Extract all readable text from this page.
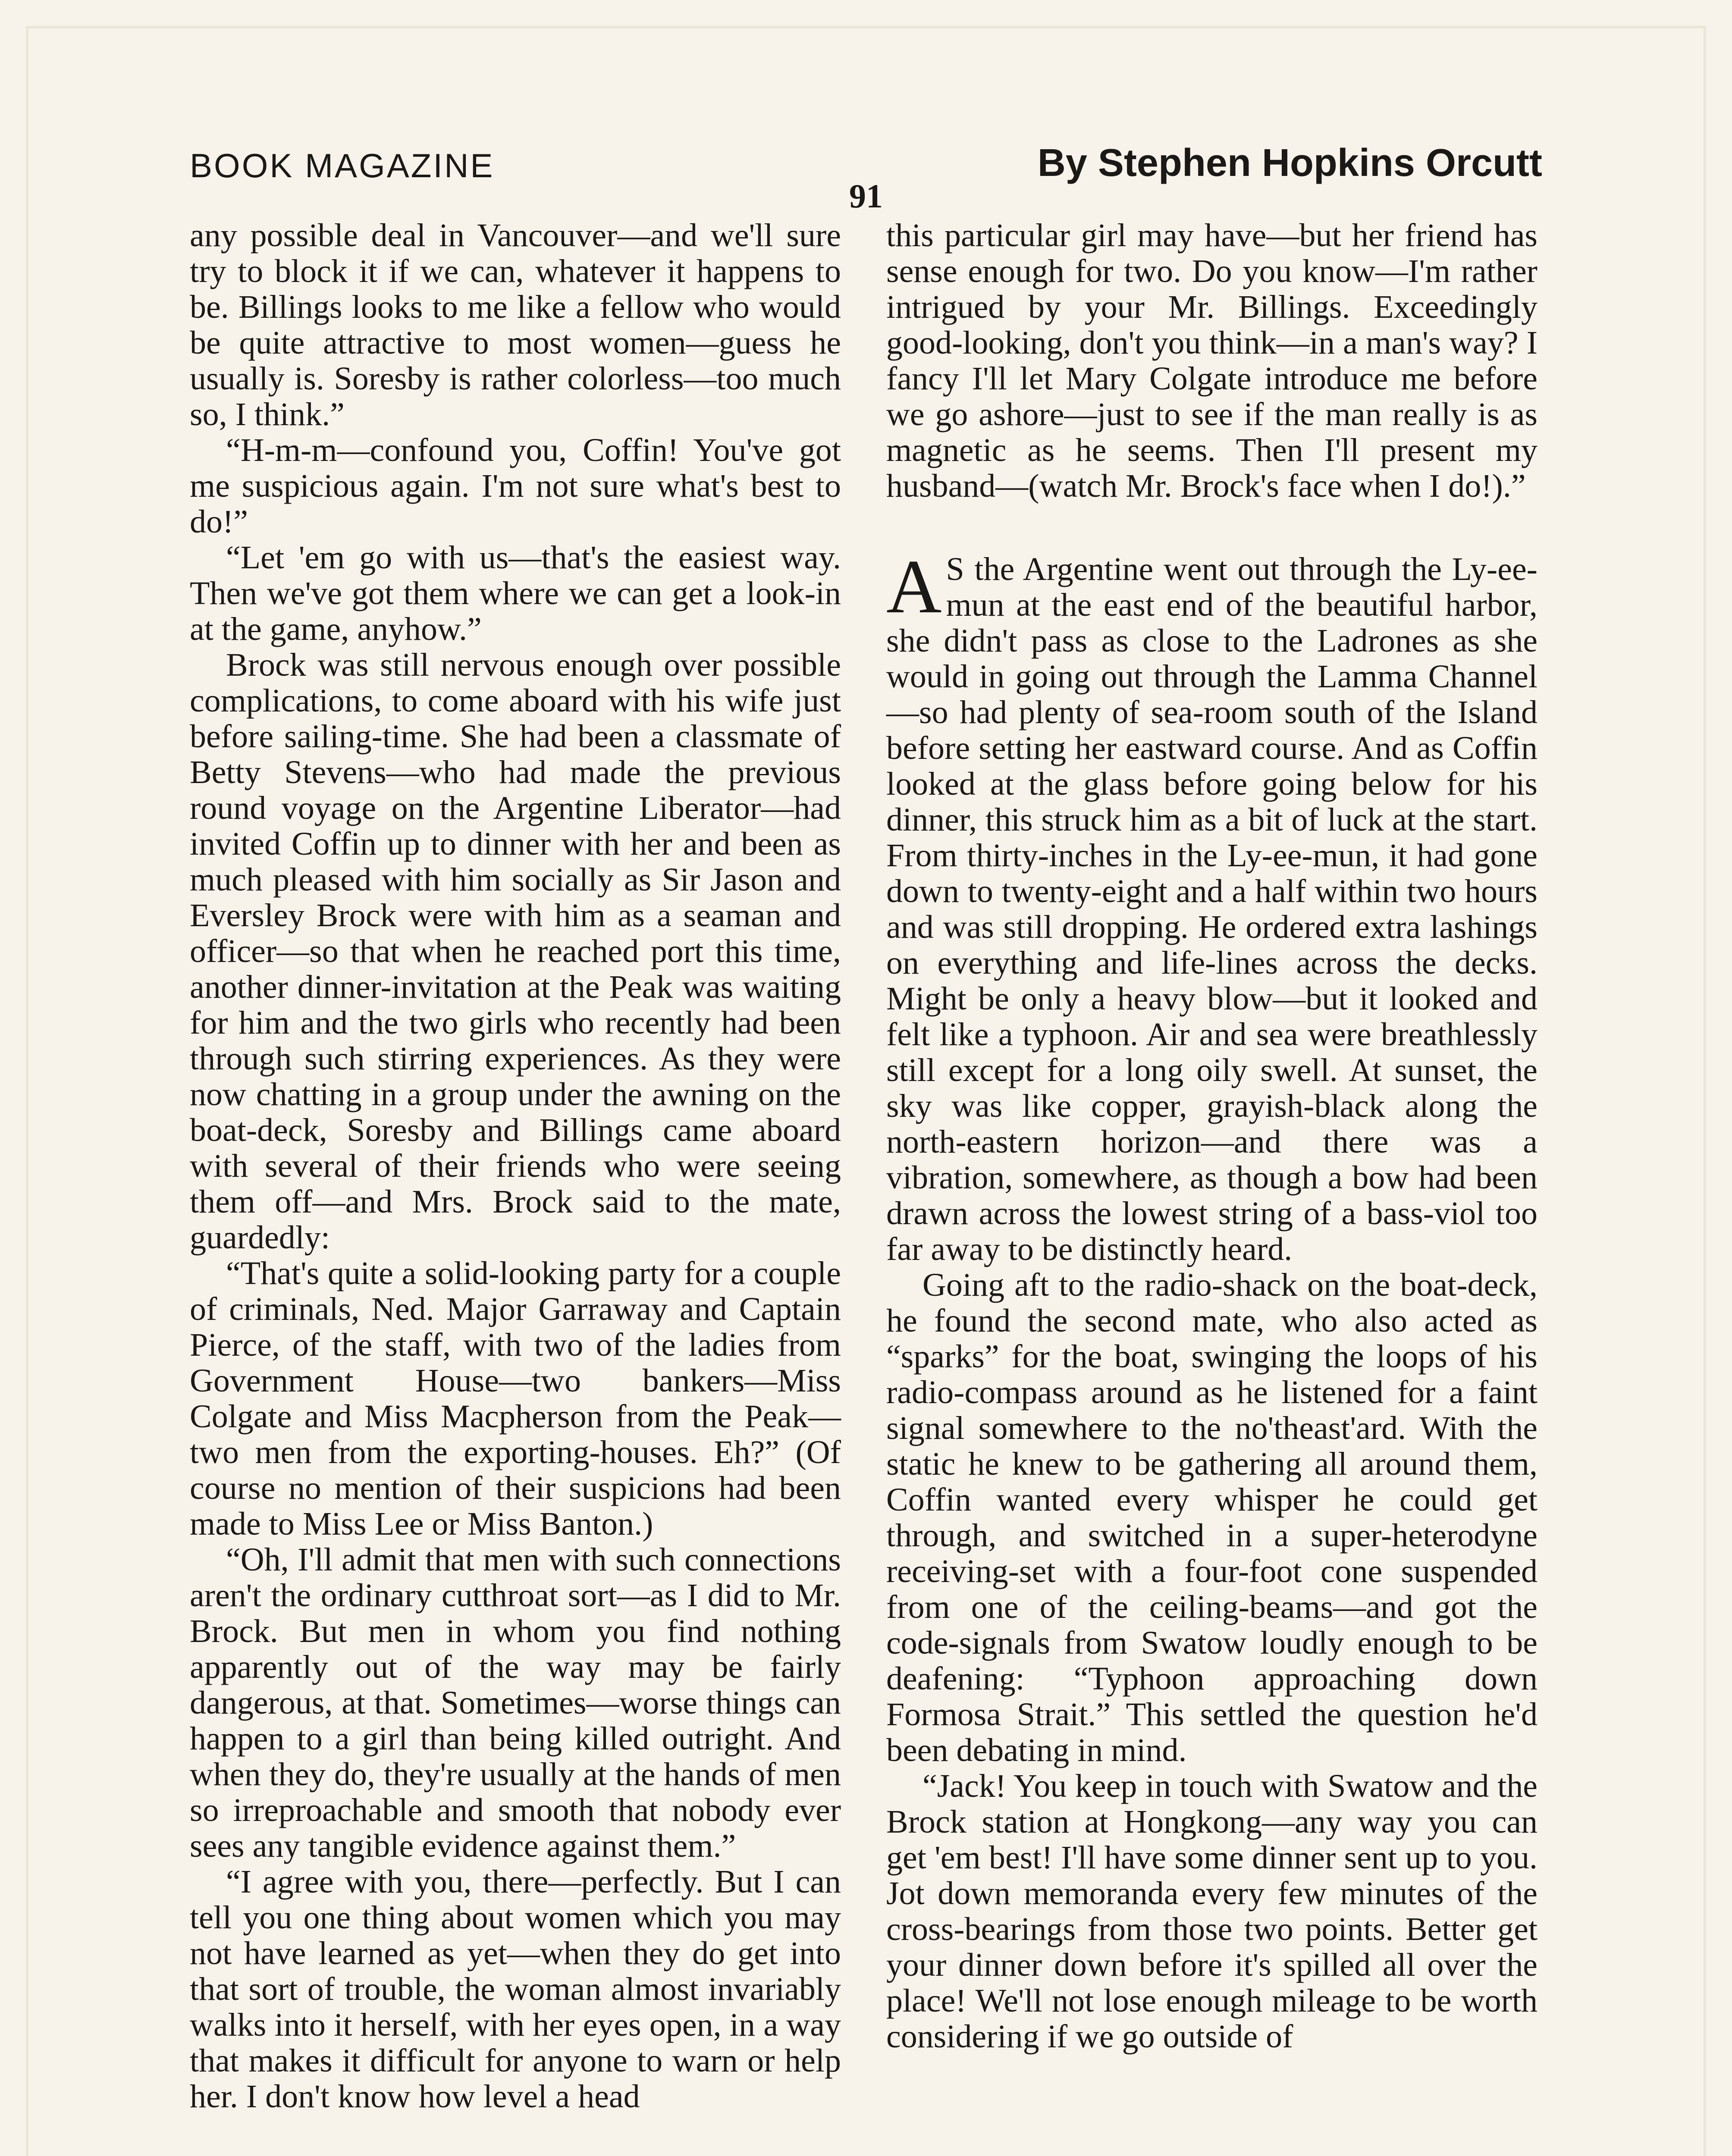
BOOK MAGAZINE	By Stephen Hopkins Orcutt
91

any possible deal in Vancouver—and we'll sure try to block it if we can, whatever it happens to be. Billings looks to me like a fellow who would be quite attractive to most women—guess he usually is. Soresby is rather colorless—too much so, I think.”

“H-m-m—confound you, Coffin! You've got me suspicious again. I'm not sure what's best to do!”

“Let 'em go with us—that's the easiest way. Then we've got them where we can get a look-in at the game, anyhow.”

Brock was still nervous enough over possible complications, to come aboard with his wife just before sailing-time. She had been a classmate of Betty Stevens—who had made the previous round voyage on the Argentine Liberator—had invited Coffin up to dinner with her and been as much pleased with him socially as Sir Jason and Eversley Brock were with him as a seaman and officer—so that when he reached port this time, another dinner-invitation at the Peak was waiting for him and the two girls who recently had been through such stirring experiences. As they were now chatting in a group under the awning on the boat-deck, Soresby and Billings came aboard with several of their friends who were seeing them off—and Mrs. Brock said to the mate, guardedly:

“That's quite a solid-looking party for a couple of criminals, Ned. Major Garraway and Captain Pierce, of the staff, with two of the ladies from Government House—two bankers—Miss Colgate and Miss Macpherson from the Peak—two men from the exporting-houses. Eh?” (Of course no mention of their suspicions had been made to Miss Lee or Miss Banton.)

“Oh, I'll admit that men with such connections aren't the ordinary cutthroat sort—as I did to Mr. Brock. But men in whom you find nothing apparently out of the way may be fairly dangerous, at that. Sometimes—worse things can happen to a girl than being killed outright. And when they do, they're usually at the hands of men so irreproachable and smooth that nobody ever sees any tangible evidence against them.”

“I agree with you, there—perfectly. But I can tell you one thing about women which you may not have learned as yet—when they do get into that sort of trouble, the woman almost invariably walks into it herself, with her eyes open, in a way that makes it difficult for anyone to warn or help her. I don't know how level a head

this particular girl may have—but her friend has sense enough for two. Do you know—I'm rather intrigued by your Mr. Billings. Exceedingly good-looking, don't you think—in a man's way? I fancy I'll let Mary Colgate introduce me before we go ashore—just to see if the man really is as magnetic as he seems. Then I'll present my husband—(watch Mr. Brock's face when I do!).”

A S the Argentine went out through the Ly-ee-mun at the east end of the beautiful harbor, she didn't pass as close to the Ladrones as she would in going out through the Lamma Channel—so had plenty of sea-room south of the Island before setting her eastward course. And as Coffin looked at the glass before going below for his dinner, this struck him as a bit of luck at the start. From thirty-inches in the Ly-ee-mun, it had gone down to twenty-eight and a half within two hours and was still dropping. He ordered extra lashings on everything and life-lines across the decks. Might be only a heavy blow—but it looked and felt like a typhoon. Air and sea were breathlessly still except for a long oily swell. At sunset, the sky was like copper, grayish-black along the north-eastern horizon—and there was a vibration, somewhere, as though a bow had been drawn across the lowest string of a bass-viol too far away to be distinctly heard.

Going aft to the radio-shack on the boat-deck, he found the second mate, who also acted as “sparks” for the boat, swinging the loops of his radio-compass around as he listened for a faint signal somewhere to the no'theast'ard. With the static he knew to be gathering all around them, Coffin wanted every whisper he could get through, and switched in a super-heterodyne receiving-set with a four-foot cone suspended from one of the ceiling-beams—and got the code-signals from Swatow loudly enough to be deafening: “Typhoon approaching down Formosa Strait.” This settled the question he'd been debating in mind.

“Jack! You keep in touch with Swatow and the Brock station at Hongkong—any way you can get 'em best! I'll have some dinner sent up to you. Jot down memoranda every few minutes of the cross-bearings from those two points. Better get your dinner down before it's spilled all over the place! We'll not lose enough mileage to be worth considering if we go outside of
